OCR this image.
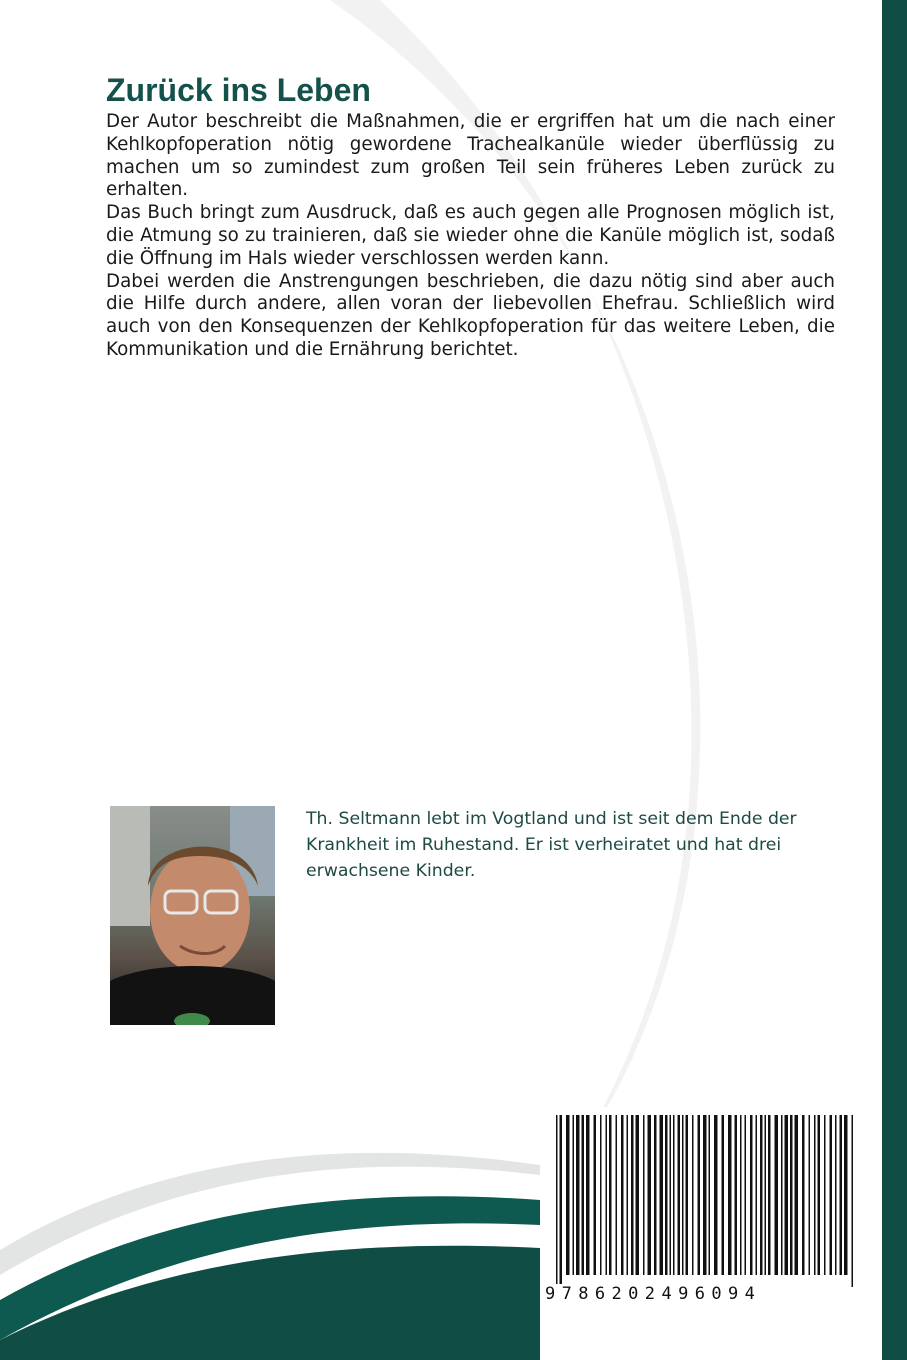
Zurück ins Leben

Der Autor beschreibt die Maßnahmen, die er ergriffen hat um die nach einer Kehlkopfoperation nötig gewordene Trachealkanüle wieder überflüssig zu machen um so zumindest zum großen Teil sein früheres Leben zurück zu erhalten.

Das Buch bringt zum Ausdruck, daß es auch gegen alle Prognosen möglich ist, die Atmung so zu trainieren, daß sie wieder ohne die Kanüle möglich ist, sodaß die Öffnung im Hals wieder verschlossen werden kann.

Dabei werden die Anstrengungen beschrieben, die dazu nötig sind aber auch die Hilfe durch andere, allen voran der liebevollen Ehefrau. Schließlich wird auch von den Konsequenzen der Kehlkopfoperation für das weitere Leben, die Kommunikation und die Ernährung berichtet.

Th. Seltmann lebt im Vogtland und ist seit dem Ende der Krankheit im Ruhestand. Er ist verheiratet und hat drei erwachsene Kinder.
9786202496094
